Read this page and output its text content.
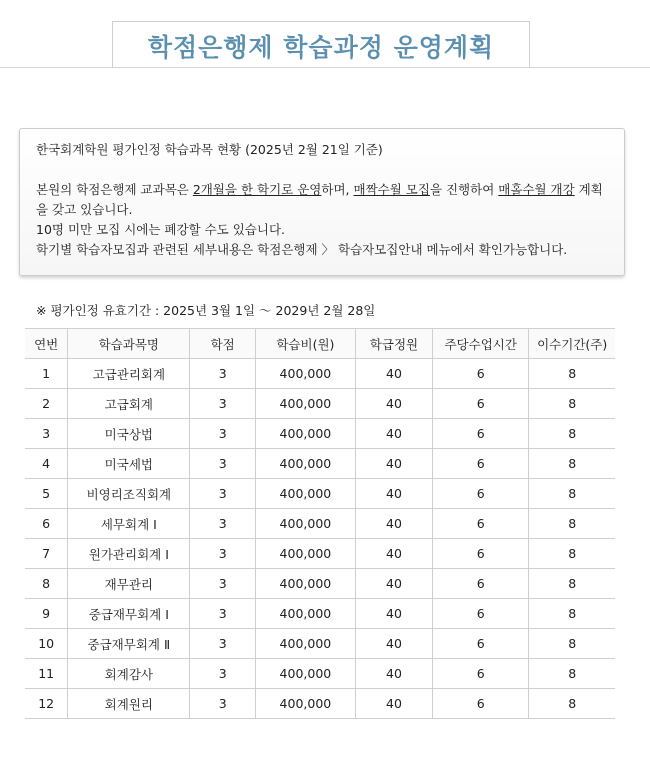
학점은행제 학습과정 운영계획

한국회계학원 평가인정 학습과목 현황 (2025년 2월 21일 기준)

본원의 학점은행제 교과목은 2개월을 한 학기로 운영하며, 매짝수월 모집을 진행하여 매홀수월 개강 계획을 갖고 있습니다.

10명 미만 모집 시에는 폐강할 수도 있습니다.

학기별 학습자모집과 관련된 세부내용은 학점은행제 〉 학습자모집안내 메뉴에서 확인가능합니다.

※ 평가인정 유효기간 : 2025년 3월 1일 ～ 2029년 2월 28일
연번	학습과목명	학점	학습비(원)	학급정원	주당수업시간	이수기간(주)
1	고급관리회계	3	400,000	40	6	8
2	고급회계	3	400,000	40	6	8
3	미국상법	3	400,000	40	6	8
4	미국세법	3	400,000	40	6	8
5	비영리조직회계	3	400,000	40	6	8
6	세무회계 Ⅰ	3	400,000	40	6	8
7	원가관리회계 Ⅰ	3	400,000	40	6	8
8	재무관리	3	400,000	40	6	8
9	중급재무회계 Ⅰ	3	400,000	40	6	8
10	중급재무회계 Ⅱ	3	400,000	40	6	8
11	회계감사	3	400,000	40	6	8
12	회계원리	3	400,000	40	6	8
